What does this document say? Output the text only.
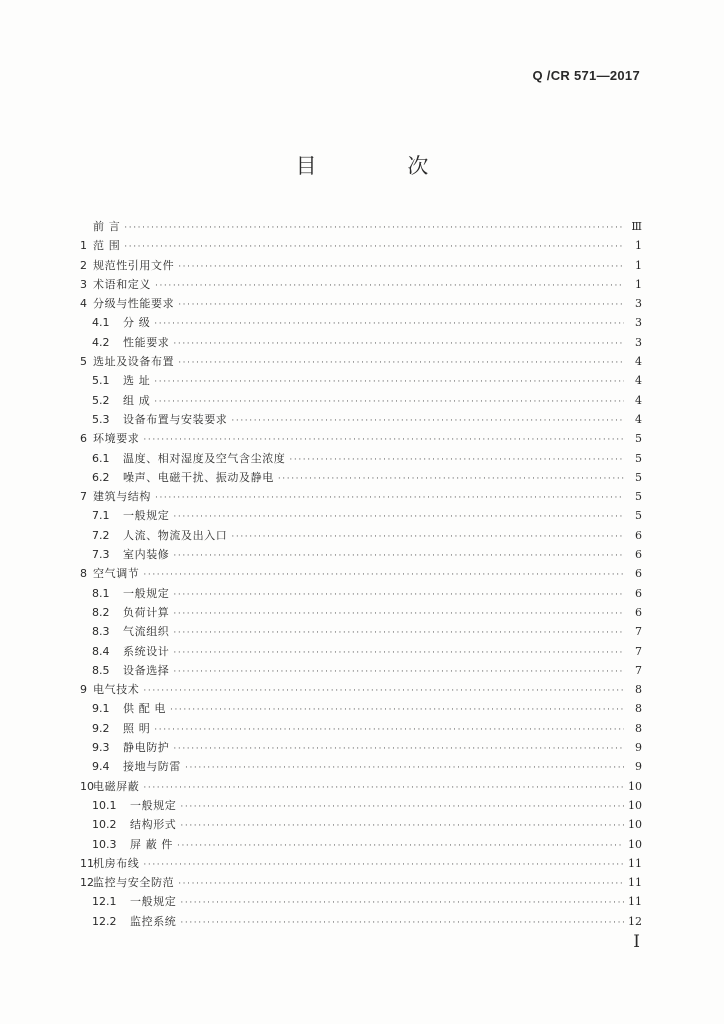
Q /CR 571—2017
目 次
前 言 ·····	Ⅲ
1 范 围 ·····	1
2 规范性引用文件 ·····	1
3 术语和定义 ·····	1
4 分级与性能要求 ·····	3
4.1	分 级 ·····	3
4.2	性能要求 ·····	3
5 选址及设备布置 ·····	4
5.1	选 址 ·····	4
5.2	组 成 ·····	4
5.3	设备布置与安装要求 ·····	4
6 环境要求 ·····	5
6.1	温度、相对湿度及空气含尘浓度 ·····	5
6.2	噪声、电磁干扰、振动及静电 ·····	5
7 建筑与结构 ·····	5
7.1	一般规定 ·····	5
7.2	人流、物流及出入口 ·····	6
7.3	室内装修 ·····	6
8 空气调节 ·····	6
8.1	一般规定 ·····	6
8.2	负荷计算 ·····	6
8.3	气流组织 ·····	7
8.4	系统设计 ·····	7
8.5	设备选择 ·····	7
9 电气技术 ·····	8
9.1	供 配 电 ·····	8
9.2	照 明 ·····	8
9.3	静电防护 ·····	9
9.4	接地与防雷 ·····	9
10 电磁屏蔽 ·····	10
10.1	一般规定 ·····	10
10.2	结构形式 ·····	10
10.3	屏 蔽 件 ·····	10
11 机房布线 ·····	11
12 监控与安全防范 ·····	11
12.1	一般规定 ·····	11
12.2	监控系统 ·····	12
I
